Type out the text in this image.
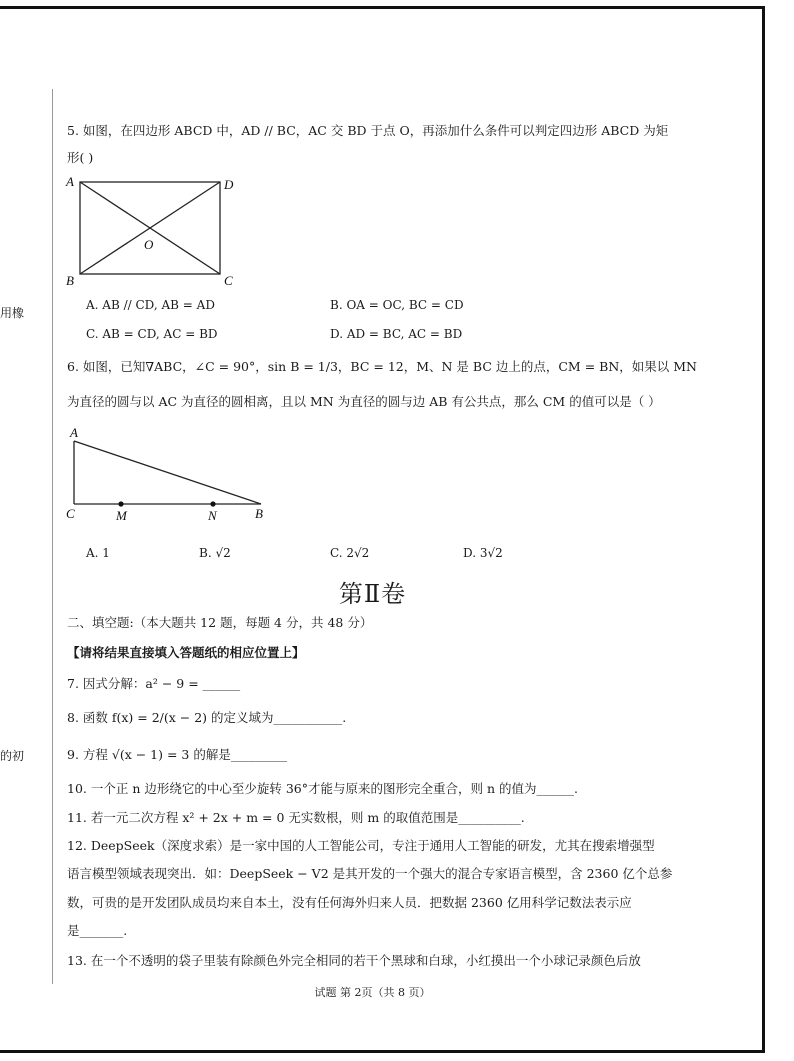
用橡
的初
5. 如图，在四边形 ABCD 中，AD // BC，AC 交 BD 于点 O，再添加什么条件可以判定四边形 ABCD 为矩
形( )
A	D
O
B	C
A. AB // CD, AB = AD	B. OA = OC, BC = CD
C. AB = CD, AC = BD	D. AD = BC, AC = BD
6. 如图，已知∇ABC，∠C = 90°，sin B = 1/3，BC = 12，M、N 是 BC 边上的点，CM = BN，如果以 MN
为直径的圆与以 AC 为直径的圆相离，且以 MN 为直径的圆与边 AB 有公共点，那么 CM 的值可以是（ ）
A
C	M	N	B
A. 1	B. √2	C. 2√2	D. 3√2
第Ⅱ卷
二、填空题:（本大题共 12 题，每题 4 分，共 48 分）
【请将结果直接填入答题纸的相应位置上】
7. 因式分解：a² − 9 = ______
8. 函数 f(x) = 2/(x − 2) 的定义域为___________.
9. 方程 √(x − 1) = 3 的解是_________
10. 一个正 n 边形绕它的中心至少旋转 36°才能与原来的图形完全重合，则 n 的值为______.
11. 若一元二次方程 x² + 2x + m = 0 无实数根，则 m 的取值范围是__________.
12. DeepSeek（深度求索）是一家中国的人工智能公司，专注于通用人工智能的研发，尤其在搜索增强型
语言模型领域表现突出．如：DeepSeek − V2 是其开发的一个强大的混合专家语言模型，含 2360 亿个总参
数，可贵的是开发团队成员均来自本土，没有任何海外归来人员．把数据 2360 亿用科学记数法表示应
是_______.
13. 在一个不透明的袋子里装有除颜色外完全相同的若干个黑球和白球，小红摸出一个小球记录颜色后放
试题 第 2页（共 8 页）
